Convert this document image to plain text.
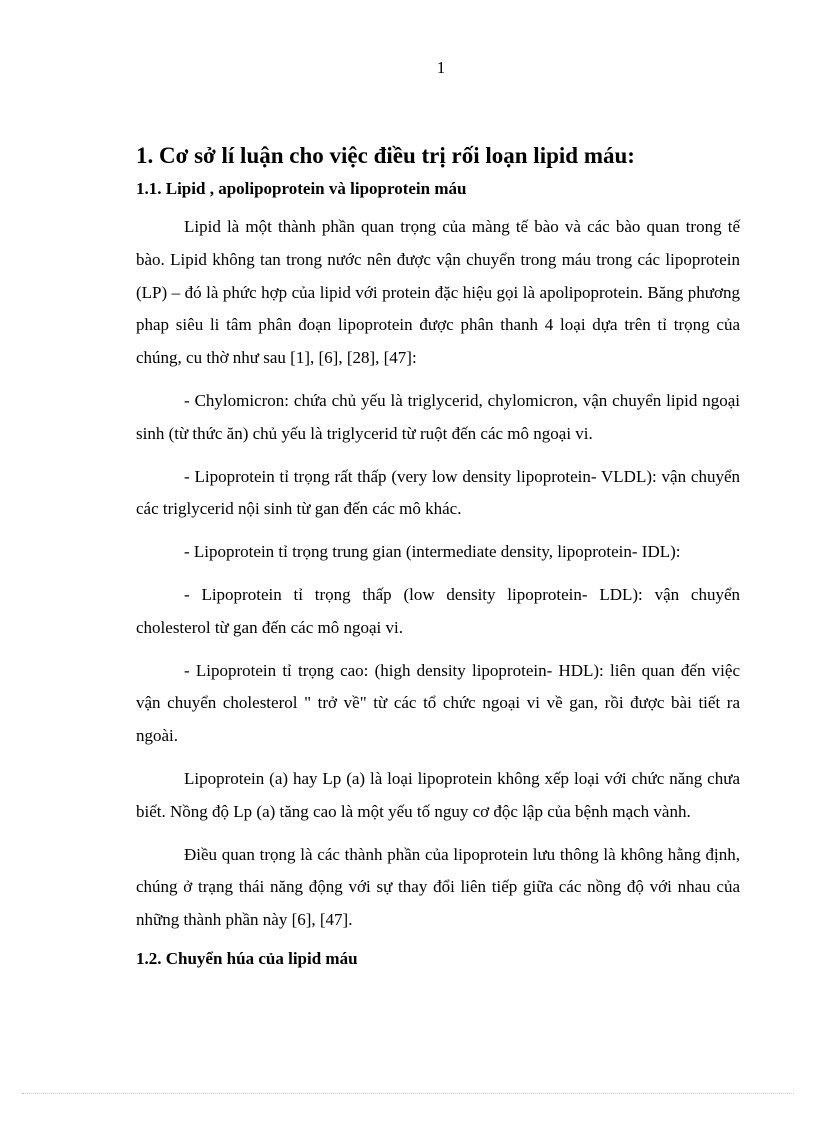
1
1. Cơ sở lí luận cho việc điều trị rối loạn lipid máu:
1.1. Lipid , apolipoprotein và lipoprotein máu

Lipid là một thành phần quan trọng của màng tế bào và các bào quan trong tế bào. Lipid không tan trong nước nên được vận chuyển trong máu trong các lipoprotein (LP) – đó là phức hợp của lipid với protein đặc hiệu gọi là apolipoprotein. Băng phương phap siêu li tâm phân đoạn lipoprotein được phân thanh 4 loại dựa trên tỉ trọng của chúng, cu thờ như sau [1], [6], [28], [47]:

- Chylomicron: chứa chủ yếu là triglycerid, chylomicron, vận chuyển lipid ngoại sinh (từ thức ăn) chủ yếu là triglycerid từ ruột đến các mô ngoại vi.

- Lipoprotein tỉ trọng rất thấp (very low density lipoprotein- VLDL): vận chuyển các triglycerid nội sinh từ gan đến các mô khác.

- Lipoprotein tỉ trọng trung gian (intermediate density, lipoprotein- IDL):

- Lipoprotein tỉ trọng thấp (low density lipoprotein- LDL): vận chuyển cholesterol từ gan đến các mô ngoại vi.

- Lipoprotein tỉ trọng cao: (high density lipoprotein- HDL): liên quan đến việc vận chuyển cholesterol " trở về" từ các tổ chức ngoại vi về gan, rồi được bài tiết ra ngoài.

Lipoprotein (a) hay Lp (a) là loại lipoprotein không xếp loại với chức năng chưa biết. Nồng độ Lp (a) tăng cao là một yếu tố nguy cơ độc lập của bệnh mạch vành.

Điều quan trọng là các thành phần của lipoprotein lưu thông là không hằng định, chúng ở trạng thái năng động với sự thay đổi liên tiếp giữa các nồng độ với nhau của những thành phần này [6], [47].

1.2. Chuyển húa của lipid máu
